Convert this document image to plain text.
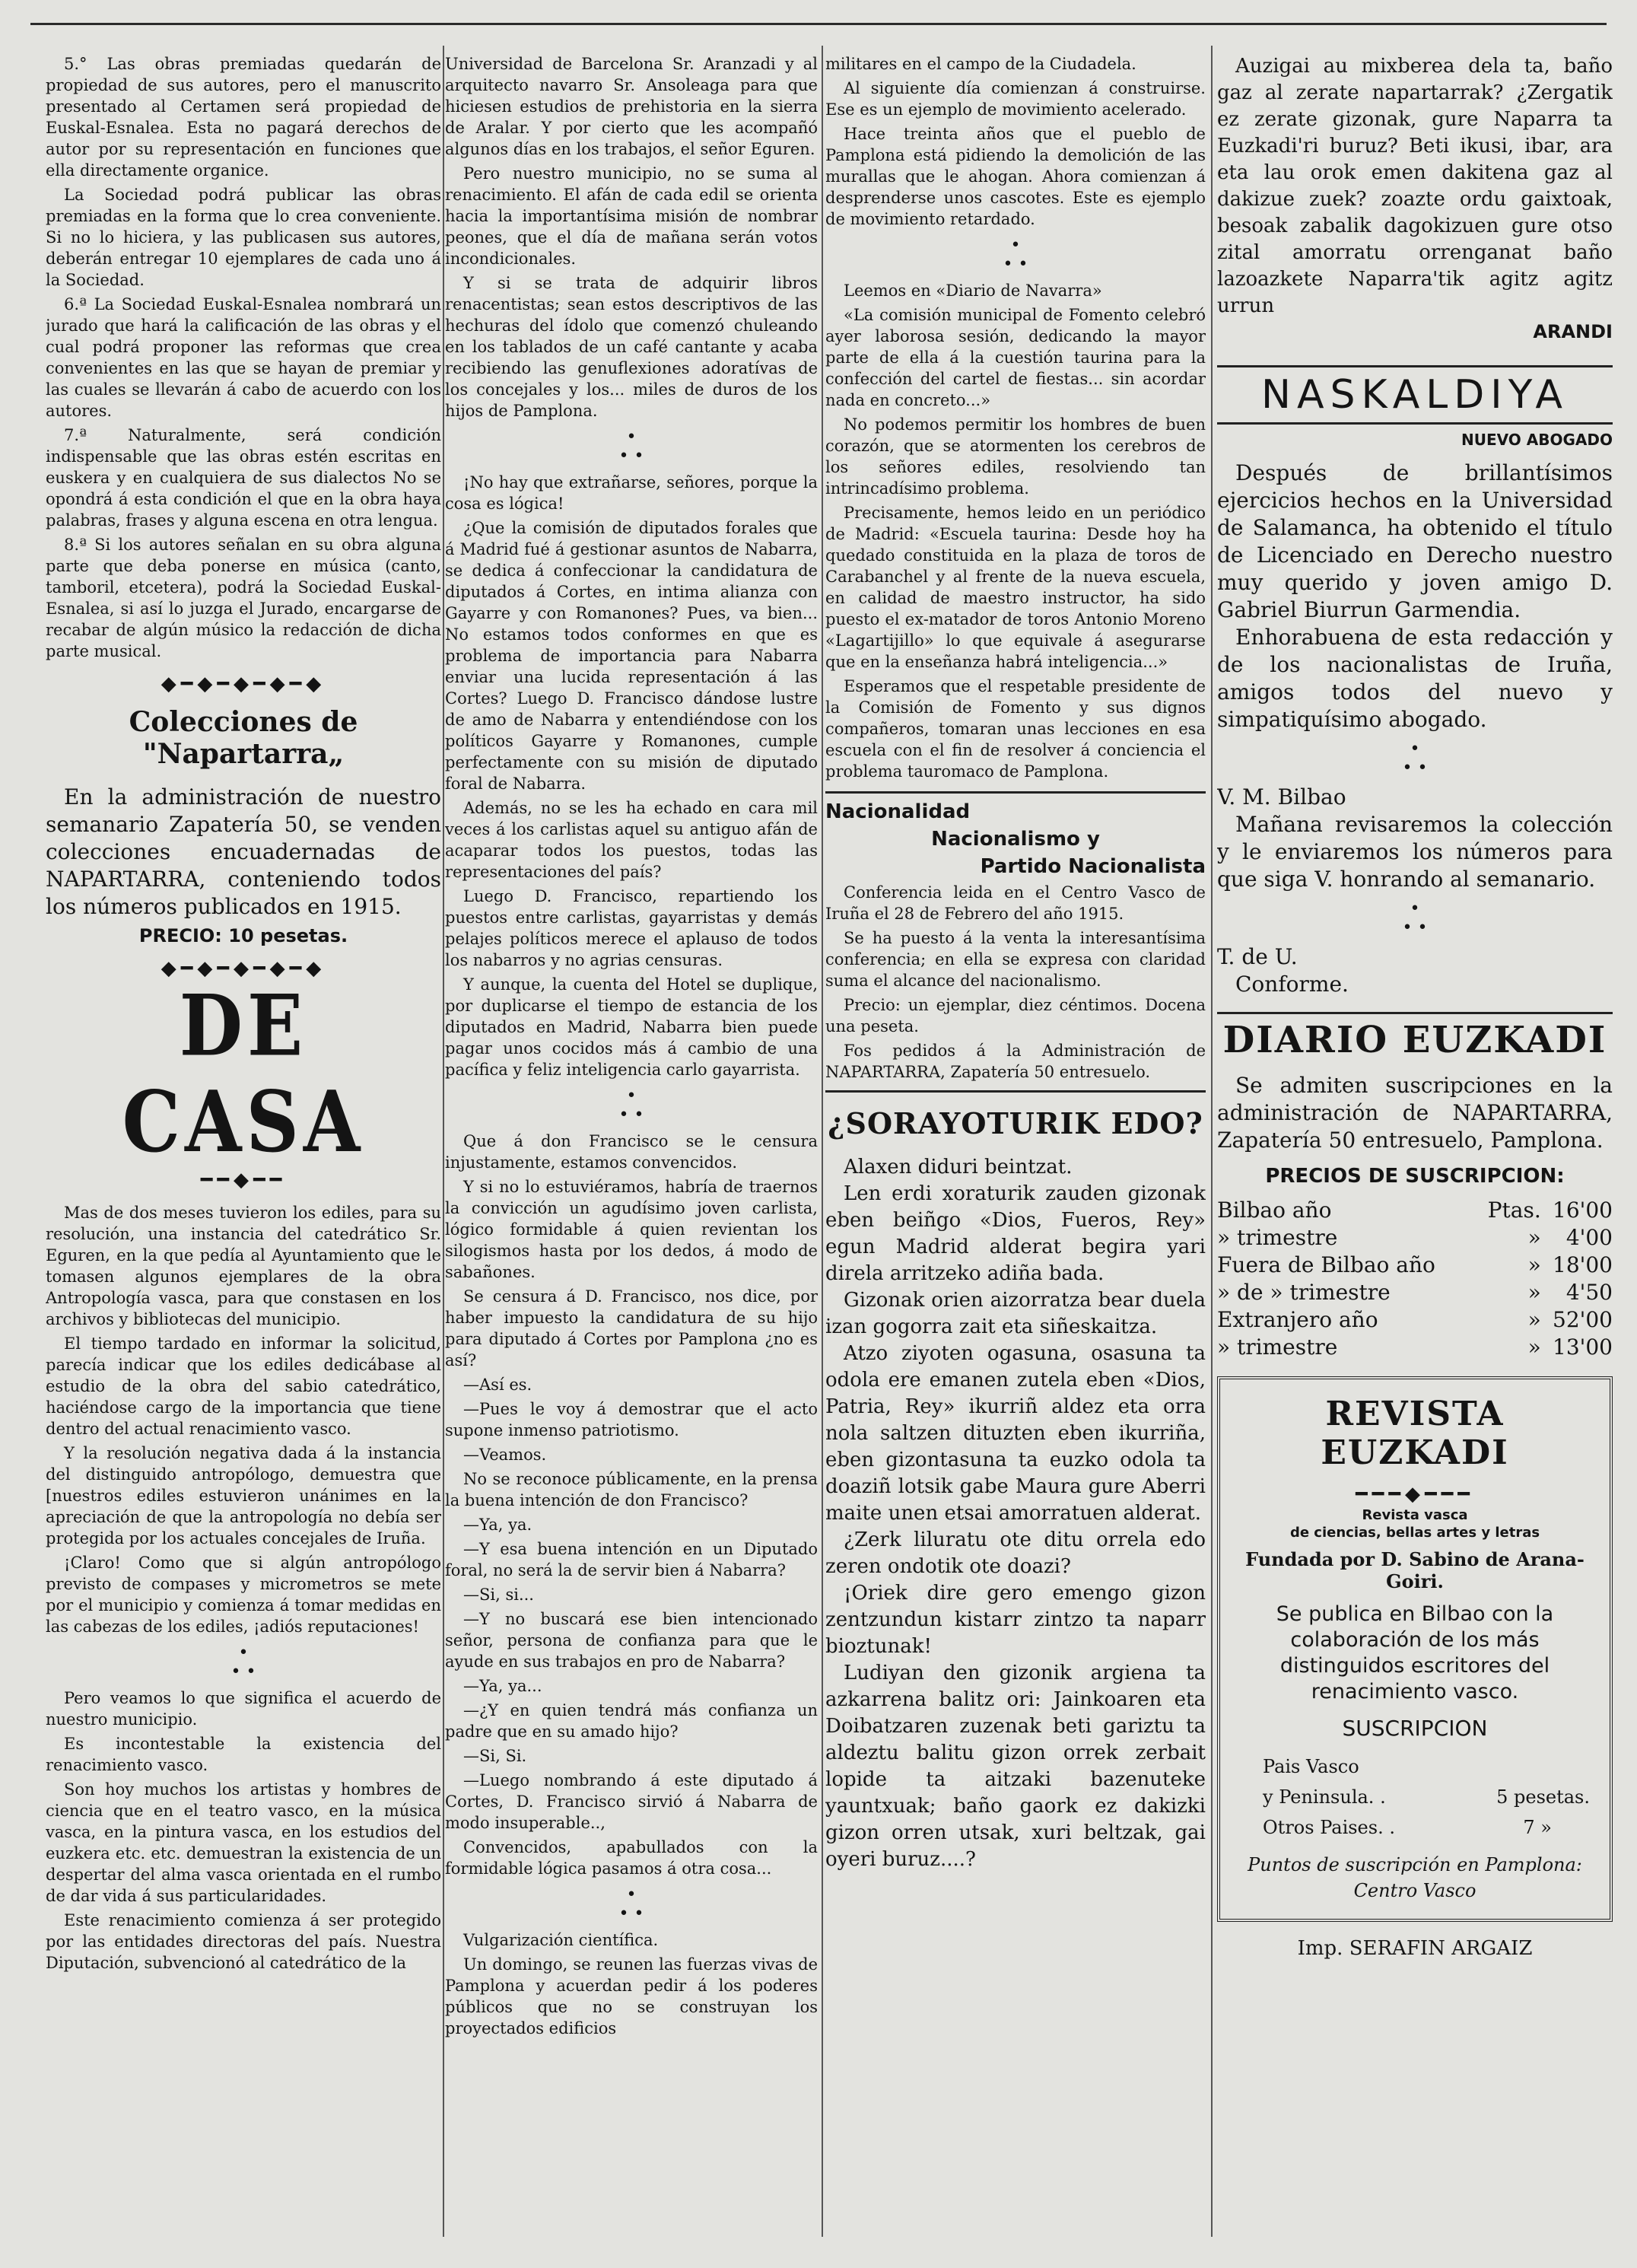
5.° Las obras premiadas quedarán de propiedad de sus autores, pero el manuscrito presentado al Certamen será propiedad de Euskal-Esnalea. Esta no pagará derechos de autor por su representación en funciones que ella directamente organice.

La Sociedad podrá publicar las obras premiadas en la forma que lo crea conveniente. Si no lo hiciera, y las publicasen sus autores, deberán entregar 10 ejemplares de cada uno á la Sociedad.

6.ª La Sociedad Euskal-Esnalea nombrará un jurado que hará la calificación de las obras y el cual podrá proponer las reformas que crea convenientes en las que se hayan de premiar y las cuales se llevarán á cabo de acuerdo con los autores.

7.ª Naturalmente, será condición indispensable que las obras estén escritas en euskera y en cualquiera de sus dialectos No se opondrá á esta condición el que en la obra haya palabras, frases y alguna escena en otra lengua.

8.ª Si los autores señalan en su obra alguna parte que deba ponerse en música (canto, tamboril, etcetera), podrá la Sociedad Euskal-Esnalea, si así lo juzga el Jurado, encargarse de recabar de algún músico la redacción de dicha parte musical.

◆━◆━◆━◆━◆
Colecciones de "Napartarra„

En la administración de nuestro semanario Zapatería 50, se venden colecciones encuadernadas de NAPARTARRA, conteniendo todos los números publicados en 1915.

PRECIO: 10 pesetas.
◆━◆━◆━◆━◆
DE CASA
━━◆━━

Mas de dos meses tuvieron los ediles, para su resolución, una instancia del catedrático Sr. Eguren, en la que pedía al Ayuntamiento que le tomasen algunos ejemplares de la obra Antropología vasca, para que constasen en los archivos y bibliotecas del municipio.

El tiempo tardado en informar la solicitud, parecía indicar que los ediles dedicábase al estudio de la obra del sabio catedrático, haciéndose cargo de la importancia que tiene dentro del actual renacimiento vasco.

Y la resolución negativa dada á la instancia del distinguido antropólogo, demuestra que [nuestros ediles estuvieron unánimes en la apreciación de que la antropología no debía ser protegida por los actuales concejales de Iruña.

¡Claro! Como que si algún antropólogo previsto de compases y micrometros se mete por el municipio y comienza á tomar medidas en las cabezas de los ediles, ¡adiós reputaciones!

•
• •

Pero veamos lo que significa el acuerdo de nuestro municipio.

Es incontestable la existencia del renacimiento vasco.

Son hoy muchos los artistas y hombres de ciencia que en el teatro vasco, en la música vasca, en la pintura vasca, en los estudios del euzkera etc. etc. demuestran la existencia de un despertar del alma vasca orientada en el rumbo de dar vida á sus particularidades.

Este renacimiento comienza á ser protegido por las entidades directoras del país. Nuestra Diputación, subvencionó al catedrático de la

Universidad de Barcelona Sr. Aranzadi y al arquitecto navarro Sr. Ansoleaga para que hiciesen estudios de prehistoria en la sierra de Aralar. Y por cierto que les acompañó algunos días en los trabajos, el señor Eguren.

Pero nuestro municipio, no se suma al renacimiento. El afán de cada edil se orienta hacia la importantísima misión de nombrar peones, que el día de mañana serán votos incondicionales.

Y si se trata de adquirir libros renacentistas; sean estos descriptivos de las hechuras del ídolo que comenzó chuleando en los tablados de un café cantante y acaba recibiendo las genuflexiones adoratívas de los concejales y los... miles de duros de los hijos de Pamplona.

•
• •

¡No hay que extrañarse, señores, porque la cosa es lógica!

¿Que la comisión de diputados forales que á Madrid fué á gestionar asuntos de Nabarra, se dedica á confeccionar la candidatura de diputados á Cortes, en intima alianza con Gayarre y con Romanones? Pues, va bien... No estamos todos conformes en que es problema de importancia para Nabarra enviar una lucida representación á las Cortes? Luego D. Francisco dándose lustre de amo de Nabarra y entendiéndose con los políticos Gayarre y Romanones, cumple perfectamente con su misión de diputado foral de Nabarra.

Además, no se les ha echado en cara mil veces á los carlistas aquel su antiguo afán de acaparar todos los puestos, todas las representaciones del país?

Luego D. Francisco, repartiendo los puestos entre carlistas, gayarristas y demás pelajes políticos merece el aplauso de todos los nabarros y no agrias censuras.

Y aunque, la cuenta del Hotel se duplique, por duplicarse el tiempo de estancia de los diputados en Madrid, Nabarra bien puede pagar unos cocidos más á cambio de una pacífica y feliz inteligencia carlo gayarrista.

•
• •

Que á don Francisco se le censura injustamente, estamos convencidos.

Y si no lo estuviéramos, habría de traernos la convicción un agudísimo joven carlista, lógico formidable á quien revientan los silogismos hasta por los dedos, á modo de sabañones.

Se censura á D. Francisco, nos dice, por haber impuesto la candidatura de su hijo para diputado á Cortes por Pamplona ¿no es así?

—Así es.

—Pues le voy á demostrar que el acto supone inmenso patriotismo.

—Veamos.

No se reconoce públicamente, en la prensa la buena intención de don Francisco?

—Ya, ya.

—Y esa buena intención en un Diputado foral, no será la de servir bien á Nabarra?

—Si, si...

—Y no buscará ese bien intencionado señor, persona de confianza para que le ayude en sus trabajos en pro de Nabarra?

—Ya, ya...

—¿Y en quien tendrá más confianza un padre que en su amado hijo?

—Si, Si.

—Luego nombrando á este diputado á Cortes, D. Francisco sirvió á Nabarra de modo insuperable..,

Convencidos, apabullados con la formidable lógica pasamos á otra cosa...

•
• •

Vulgarización científica.

Un domingo, se reunen las fuerzas vivas de Pamplona y acuerdan pedir á los poderes públicos que no se construyan los proyectados edificios

militares en el campo de la Ciudadela.

Al siguiente día comienzan á construirse. Ese es un ejemplo de movimiento acelerado.

Hace treinta años que el pueblo de Pamplona está pidiendo la demolición de las murallas que le ahogan. Ahora comienzan á desprenderse unos cascotes. Este es ejemplo de movimiento retardado.

•
• •

Leemos en «Diario de Navarra»

«La comisión municipal de Fomento celebró ayer laborosa sesión, dedicando la mayor parte de ella á la cuestión taurina para la confección del cartel de fiestas... sin acordar nada en concreto...»

No podemos permitir los hombres de buen corazón, que se atormenten los cerebros de los señores ediles, resolviendo tan intrincadísimo problema.

Precisamente, hemos leido en un periódico de Madrid: «Escuela taurina: Desde hoy ha quedado constituida en la plaza de toros de Carabanchel y al frente de la nueva escuela, en calidad de maestro instructor, ha sido puesto el ex-matador de toros Antonio Moreno «Lagartijillo» lo que equivale á asegurarse que en la enseñanza habrá inteligencia...»

Esperamos que el respetable presidente de la Comisión de Fomento y sus dignos compañeros, tomaran unas lecciones en esa escuela con el fin de resolver á conciencia el problema tauromaco de Pamplona.

Nacionalidad
Nacionalismo y
Partido Nacionalista

Conferencia leida en el Centro Vasco de Iruña el 28 de Febrero del año 1915.

Se ha puesto á la venta la interesantísima conferencia; en ella se expresa con claridad suma el alcance del nacionalismo.

Precio: un ejemplar, diez céntimos. Docena una peseta.

Fos pedidos á la Administración de NAPARTARRA, Zapatería 50 entresuelo.

¿SORAYOTURIK EDO?

Alaxen diduri beintzat.

Len erdi xoraturik zauden gizonak eben beiñgo «Dios, Fueros, Rey» egun Madrid alderat begira yari direla arritzeko adiña bada.

Gizonak orien aizorratza bear duela izan gogorra zait eta siñeskaitza.

Atzo ziyoten ogasuna, osasuna ta odola ere emanen zutela eben «Dios, Patria, Rey» ikurriñ aldez eta orra nola saltzen dituzten eben ikurriña, eben gizontasuna ta euzko odola ta doaziñ lotsik gabe Maura gure Aberri maite unen etsai amorratuen alderat.

¿Zerk liluratu ote ditu orrela edo zeren ondotik ote doazi?

¡Oriek dire gero emengo gizon zentzundun kistarr zintzo ta naparr bioztunak!

Ludiyan den gizonik argiena ta azkarrena balitz ori: Jainkoaren eta Doibatzaren zuzenak beti gariztu ta aldeztu balitu gizon orrek zerbait lopide ta aitzaki bazenuteke yauntxuak; baño gaork ez dakizki gizon orren utsak, xuri beltzak, gai oyeri buruz....?

Auzigai au mixberea dela ta, baño gaz al zerate napartarrak? ¿Zergatik ez zerate gizonak, gure Naparra ta Euzkadi'ri buruz? Beti ikusi, ibar, ara eta lau orok emen dakitena gaz al dakizue zuek? zoazte ordu gaixtoak, besoak zabalik dagokizuen gure otso zital amorratu orrenganat baño lazoazkete Naparra'tik agitz agitz urrun

ARANDI
NASKALDIYA
NUEVO ABOGADO

Después de brillantísimos ejercicios hechos en la Universidad de Salamanca, ha obtenido el título de Licenciado en Derecho nuestro muy querido y joven amigo D. Gabriel Biurrun Garmendia.

Enhorabuena de esta redacción y de los nacionalistas de Iruña, amigos todos del nuevo y simpatiquísimo abogado.

•
• •

V. M. Bilbao

Mañana revisaremos la colección y le enviaremos los números para que siga V. honrando al semanario.

•
• •

T. de U.

Conforme.

DIARIO EUZKADI

Se admiten suscripciones en la administración de NAPARTARRA, Zapatería 50 entresuelo, Pamplona.

PRECIOS DE SUSCRIPCION:
Bilbao año	Ptas.	16'00
» trimestre	»	4'00
Fuera de Bilbao año	»	18'00
» de » trimestre	»	4'50
Extranjero año	»	52'00
» trimestre	»	13'00
REVISTA EUZKADI
━━━◆━━━
Revista vasca
de ciencias, bellas artes y letras
Fundada por D. Sabino de Arana-Goiri.

Se publica en Bilbao con la colaboración de los más distinguidos escritores del renacimiento vasco.

SUSCRIPCION
Pais Vasco
y Peninsula. .	5 pesetas.
Otros Paises. .	7 »

Puntos de suscripción en Pamplona: Centro Vasco

Imp. SERAFIN ARGAIZ
